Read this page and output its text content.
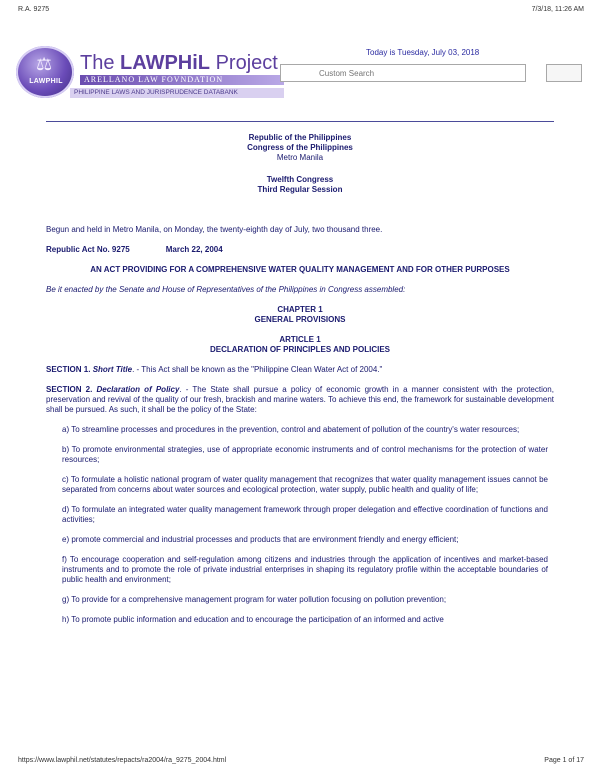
R.A. 9275	7/3/18, 11:26 AM
⚖
LAWPHIL
The LAWPHiL Project
ARELLANO LAW FOVNDATION
PHILIPPINE LAWS AND JURISPRUDENCE DATABANK
Today is Tuesday, July 03, 2018
Custom Search
Republic of the Philippines
Congress of the Philippines
Metro Manila
Twelfth Congress
Third Regular Session

Begun and held in Metro Manila, on Monday, the twenty-eighth day of July, two thousand three.

Republic Act No. 9275	March 22, 2004
AN ACT PROVIDING FOR A COMPREHENSIVE WATER QUALITY MANAGEMENT AND FOR OTHER PURPOSES

Be it enacted by the Senate and House of Representatives of the Philippines in Congress assembled:

CHAPTER 1
GENERAL PROVISIONS
ARTICLE 1
DECLARATION OF PRINCIPLES AND POLICIES

SECTION 1. Short Title. - This Act shall be known as the "Philippine Clean Water Act of 2004."

SECTION 2. Declaration of Policy. - The State shall pursue a policy of economic growth in a manner consistent with the protection, preservation and revival of the quality of our fresh, brackish and marine waters. To achieve this end, the framework for sustainable development shall be pursued. As such, it shall be the policy of the State:

a) To streamline processes and procedures in the prevention, control and abatement of pollution of the country's water resources;

b) To promote environmental strategies, use of appropriate economic instruments and of control mechanisms for the protection of water resources;

c) To formulate a holistic national program of water quality management that recognizes that water quality management issues cannot be separated from concerns about water sources and ecological protection, water supply, public health and quality of life;

d) To formulate an integrated water quality management framework through proper delegation and effective coordination of functions and activities;

e) promote commercial and industrial processes and products that are environment friendly and energy efficient;

f) To encourage cooperation and self-regulation among citizens and industries through the application of incentives and market-based instruments and to promote the role of private industrial enterprises in shaping its regulatory profile within the acceptable boundaries of public health and environment;

g) To provide for a comprehensive management program for water pollution focusing on pollution prevention;

h) To promote public information and education and to encourage the participation of an informed and active

https://www.lawphil.net/statutes/repacts/ra2004/ra_9275_2004.html	Page 1 of 17
